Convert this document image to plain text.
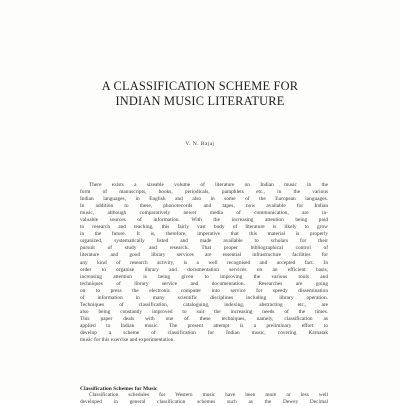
A CLASSIFICATION SCHEME FOR
INDIAN MUSIC LITERATURE
V. N. Bajaj
There exists a sizeable volume of literature on Indian music in the
form of manuscripts, books, periodicals, pamphlets etc., in the various
Indian languages, in English and also in some of the European languages.
In addition to these, phonorecords and tapes, now available for Indian
music, although comparatively newer media of communication, are in-
valuable sources of information. With the increasing attention being paid
to research and teaching, this fairly vast body of literature is likely to grow
in the future. It is, therefore, imperative that this material is properly
organized, systematically listed and made available to scholars for their
pursuit of study and research. That proper bibliographical control of
literature and good library services are essential infrastructure facilities for
any kind of research activity, is a well recognised and accepted fact. In
order to organise library and documentation services on an efficient basis,
increasing attention is being given to improving the various tools and
techniques of library service and documentation. Researches are going
on to press the electronic computer into service for speedy dissemination
of information in many scientific disciplines including library operation.
Techniques of classification, cataloguing, indexing, abstracting etc., are
also being constantly improved to suit the increasing needs of the times.
This paper deals with one of these techniques, namely, classification as
applied to Indian music. The present attempt is a preliminary effort to
develop a scheme of classification for Indian music, covering Karnatak
music for this exercise and experimentation.
Classification Schemes for Music
Classification schedules for Western music have been more or less well
developed in general classification schemes such as the Dewey Decimal
